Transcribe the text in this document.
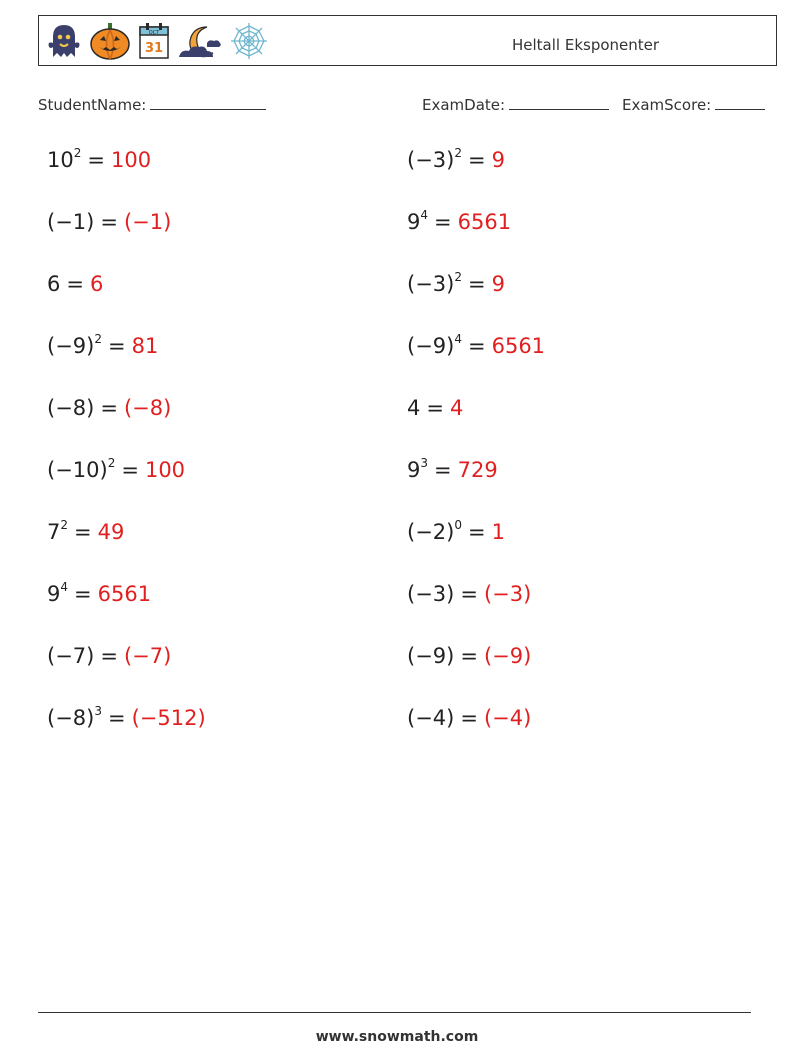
OCT
31	Heltall Eksponenter
StudentName:	ExamDate:	ExamScore:
$10^2 = 100$
(−1) = (−1)
6 = 6
$(-9)^2 = 81$
(−8) = (−8)
$(-10)^2 = 100$
$7^2 = 49$
$9^4 = 6561$
(−7) = (−7)
$(-8)^3 = (-512)$
$(-3)^2 = 9$
$9^4 = 6561$
$(-3)^2 = 9$
$(-9)^4 = 6561$
4 = 4
$9^3 = 729$
$(-2)^0 = 1$
(−3) = (−3)
(−9) = (−9)
(−4) = (−4)
www.snowmath.com
